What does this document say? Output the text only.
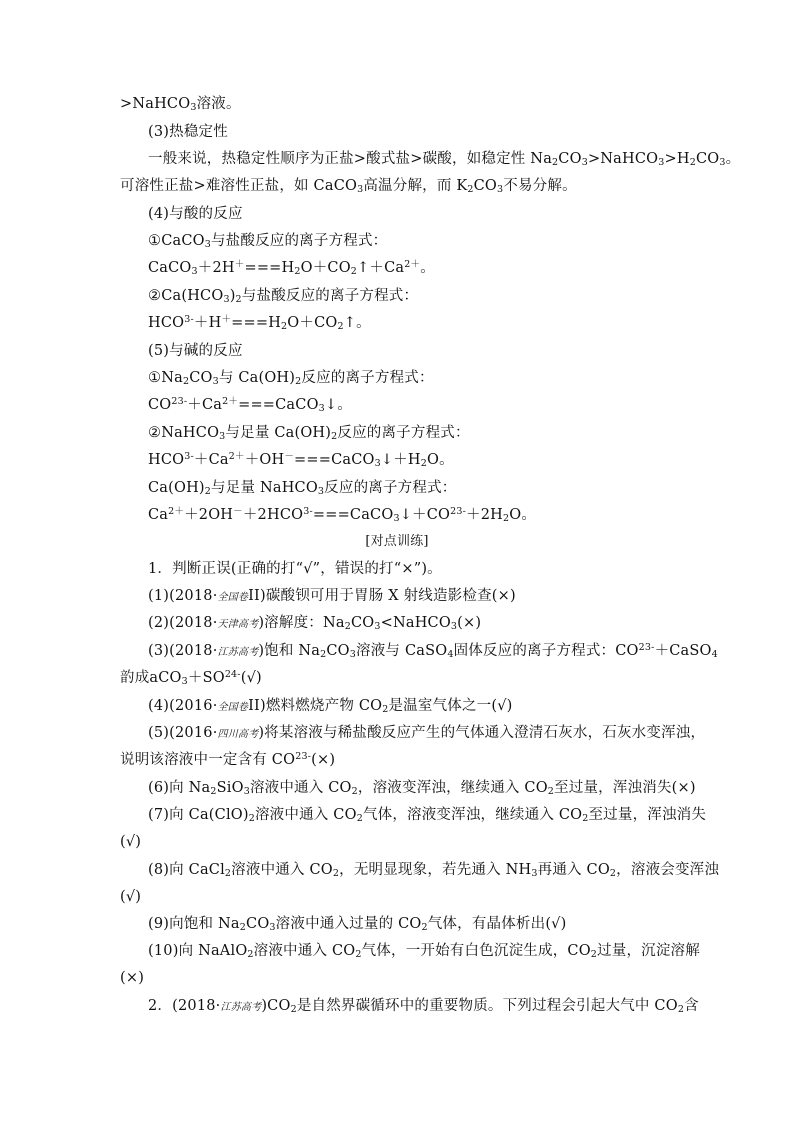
>NaHCO$_3$溶液。
(3)热稳定性
一般来说，热稳定性顺序为正盐>酸式盐>碳酸，如稳定性 $Na_2CO_3>NaHCO_3>H_2CO_3$。
可溶性正盐>难溶性正盐，如 CaCO$_3$高温分解，而 $K_2CO_3$不易分解。
(4)与酸的反应
①CaCO$_3$与盐酸反应的离子方程式：
$CaCO_3+2H^+===H_2O+CO_2↑+Ca^{2+}$。
$②Ca(HCO_3)_2$与盐酸反应的离子方程式：
$HCO^{3-}+H^+===H_2O+CO_2↑$。
(5)与碱的反应
$①Na_2CO_3$与 $Ca(OH)_2$反应的离子方程式：
$CO^{23-}+Ca^{2+}===CaCO_3↓$。
②NaHCO$_3$与足量 $Ca(OH)_2$反应的离子方程式：
$HCO^{3-}+Ca^{2+}+OH^-===CaCO_3↓+H_2O$。
$Ca(OH)_2$与足量 NaHCO$_3$反应的离子方程式：
$Ca^{2+}+2OH^-+2HCO^{3-}===CaCO_3↓+CO^{23-}+2H_2O$。
[对点训练]
1．判断正误(正确的打“√”，错误的打“×”)。
(1)(2018·全国卷II)碳酸钡可用于胃肠 X 射线造影检查(×)
(2)(2018·天津高考)溶解度：$Na_2CO_3<NaHCO_3(\times)$
(3)(2018·江苏高考)饱和 $Na_2CO_3$溶液与 CaSO$_4$固体反应的离子方程式：$CO^{23-}+CaSO_4$
䪨成$aCO_3+SO^{24-}(√)$
(4)(2016·全国卷II)燃料燃烧产物 $CO_2$是温室气体之一(√)
(5)(2016·四川高考)将某溶液与稀盐酸反应产生的气体通入澄清石灰水，石灰水变浑浊，
说明该溶液中一定含有 $CO^{23-}(\times)$
(6)向 $Na_2SiO_3$溶液中通入 $CO_2$，溶液变浑浊，继续通入 $CO_2$至过量，浑浊消失(×)
(7)向 $Ca(ClO)_2$溶液中通入 $CO_2$气体，溶液变浑浊，继续通入 $CO_2$至过量，浑浊消失
(√)
(8)向 CaCl$_2$溶液中通入 $CO_2$，无明显现象，若先通入 $NH_3$再通入 $CO_2$，溶液会变浑浊
(√)
(9)向饱和 $Na_2CO_3$溶液中通入过量的 $CO_2$气体，有晶体析出(√)
(10)向 NaAlO$_2$溶液中通入 $CO_2$气体，一开始有白色沉淀生成，$CO_2$过量，沉淀溶解
(×)
2．(2018·江苏高考)$CO_2$是自然界碳循环中的重要物质。下列过程会引起大气中 $CO_2$含
